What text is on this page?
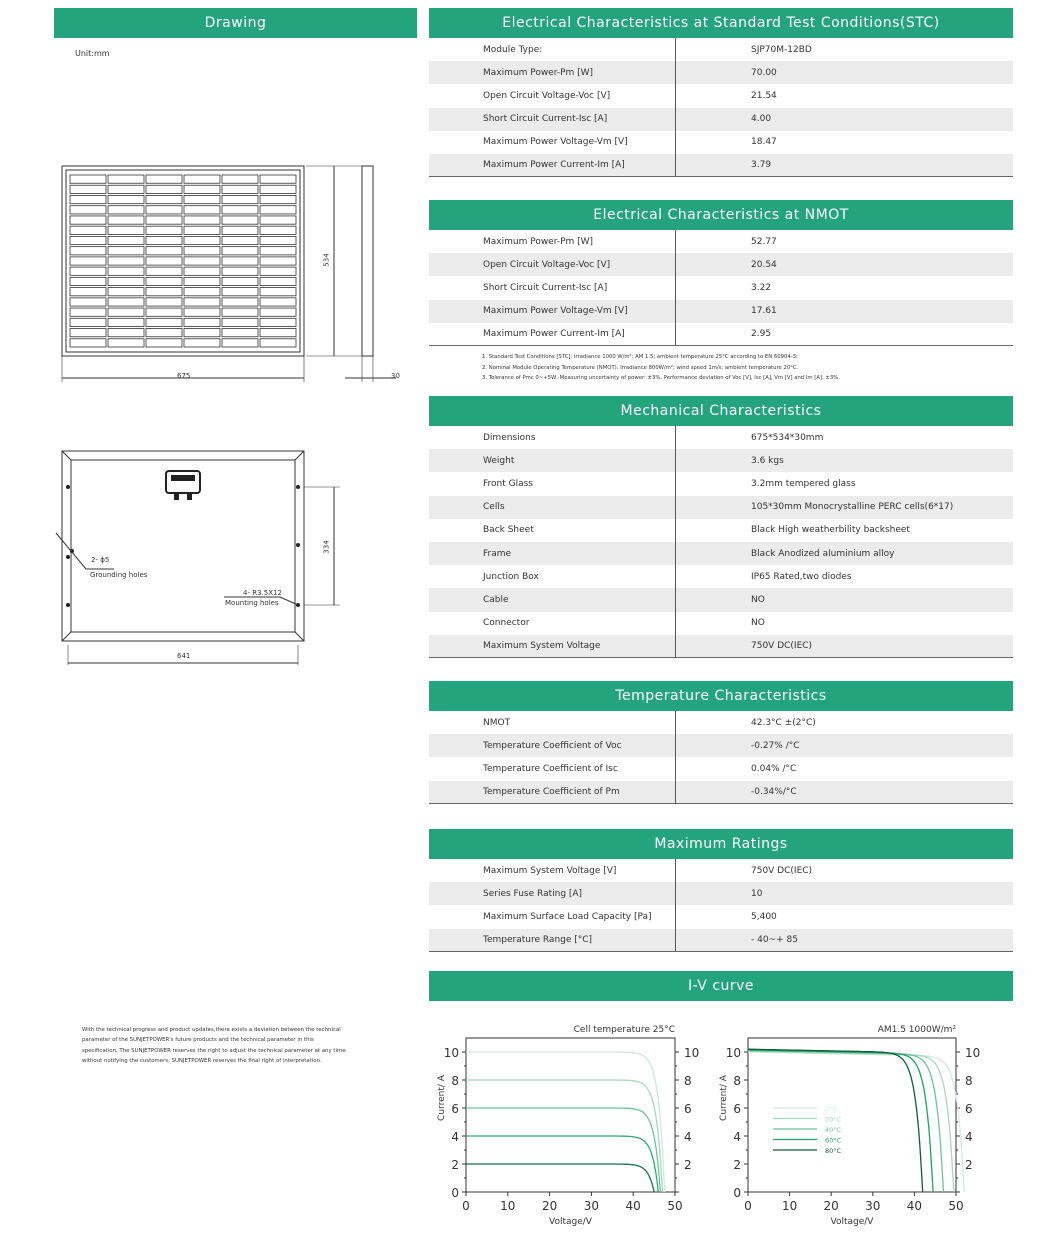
Drawing
Unit:mm
675
534
30
2- ϕ5
Grounding holes
4- R3.5X12
Mounting holes
334
641
With the technical progress and product updates,there exists a deviation between the technical parameter of the SUNJETPOWER's future products and the technical parameter in this specification, The SUNJETPOWER reserves the right to adjust the technical parameter at any time without notifying the customers, SUNJETPOWER reserves the final right of interpretation.
Electrical Characteristics at Standard Test Conditions(STC)
Module Type:	SJP70M-12BD
Maximum Power-Pm [W]	70.00
Open Circuit Voltage-Voc [V]	21.54
Short Circuit Current-Isc [A]	4.00
Maximum Power Voltage-Vm [V]	18.47
Maximum Power Current-Im [A]	3.79
Electrical Characteristics at NMOT
Maximum Power-Pm [W]	52.77
Open Circuit Voltage-Voc [V]	20.54
Short Circuit Current-Isc [A]	3.22
Maximum Power Voltage-Vm [V]	17.61
Maximum Power Current-Im [A]	2.95
1. Standard Test Conditions [STC]: irradiance 1000 W/m²; AM 1.5; ambient temperature 25°C according to EN 60904-3;
2. Nominal Module Operating Temperature (NMOT): Irradiance 800W/m²; wind speed 1m/s; ambient temperature 20°C.
3. Tolerance of Pmc 0~+5W, Measuring uncertainty of power: ±3%. Performance deviation of Voc [V], Isc [A], Vm [V] and Im [A]: ±3%.
Mechanical Characteristics
Dimensions	675*534*30mm
Weight	3.6 kgs
Front Glass	3.2mm tempered glass
Cells	105*30mm Monocrystalline PERC cells(6*17)
Back Sheet	Black High weatherbility backsheet
Frame	Black Anodized aluminium alloy
Junction Box	IP65 Rated,two diodes
Cable	NO
Connector	NO
Maximum System Voltage	750V DC(IEC)
Temperature Characteristics
NMOT	42.3°C ±(2°C)
Temperature Coefficient of Voc	-0.27% /°C
Temperature Coefficient of Isc	0.04% /°C
Temperature Coefficient of Pm	-0.34%/°C
Maximum Ratings
Maximum System Voltage [V]	750V DC(IEC)
Series Fuse Rating [A]	10
Maximum Surface Load Capacity [Pa]	5,400
Temperature Range [°C]	- 40~+ 85
I-V curve
0	10 20 30 40 50
0
2	2
4	4
6	6
8	8
10	10
Cell temperature 25°C
Voltage/V
Current/ A
0	10 20 30 40 50
0
2	2
4	4
6	6
8	8
10	10
AM1.5 1000W/m²
Voltage/V
Current/ A	0°C
20°C
40°C
60°C
80°C
